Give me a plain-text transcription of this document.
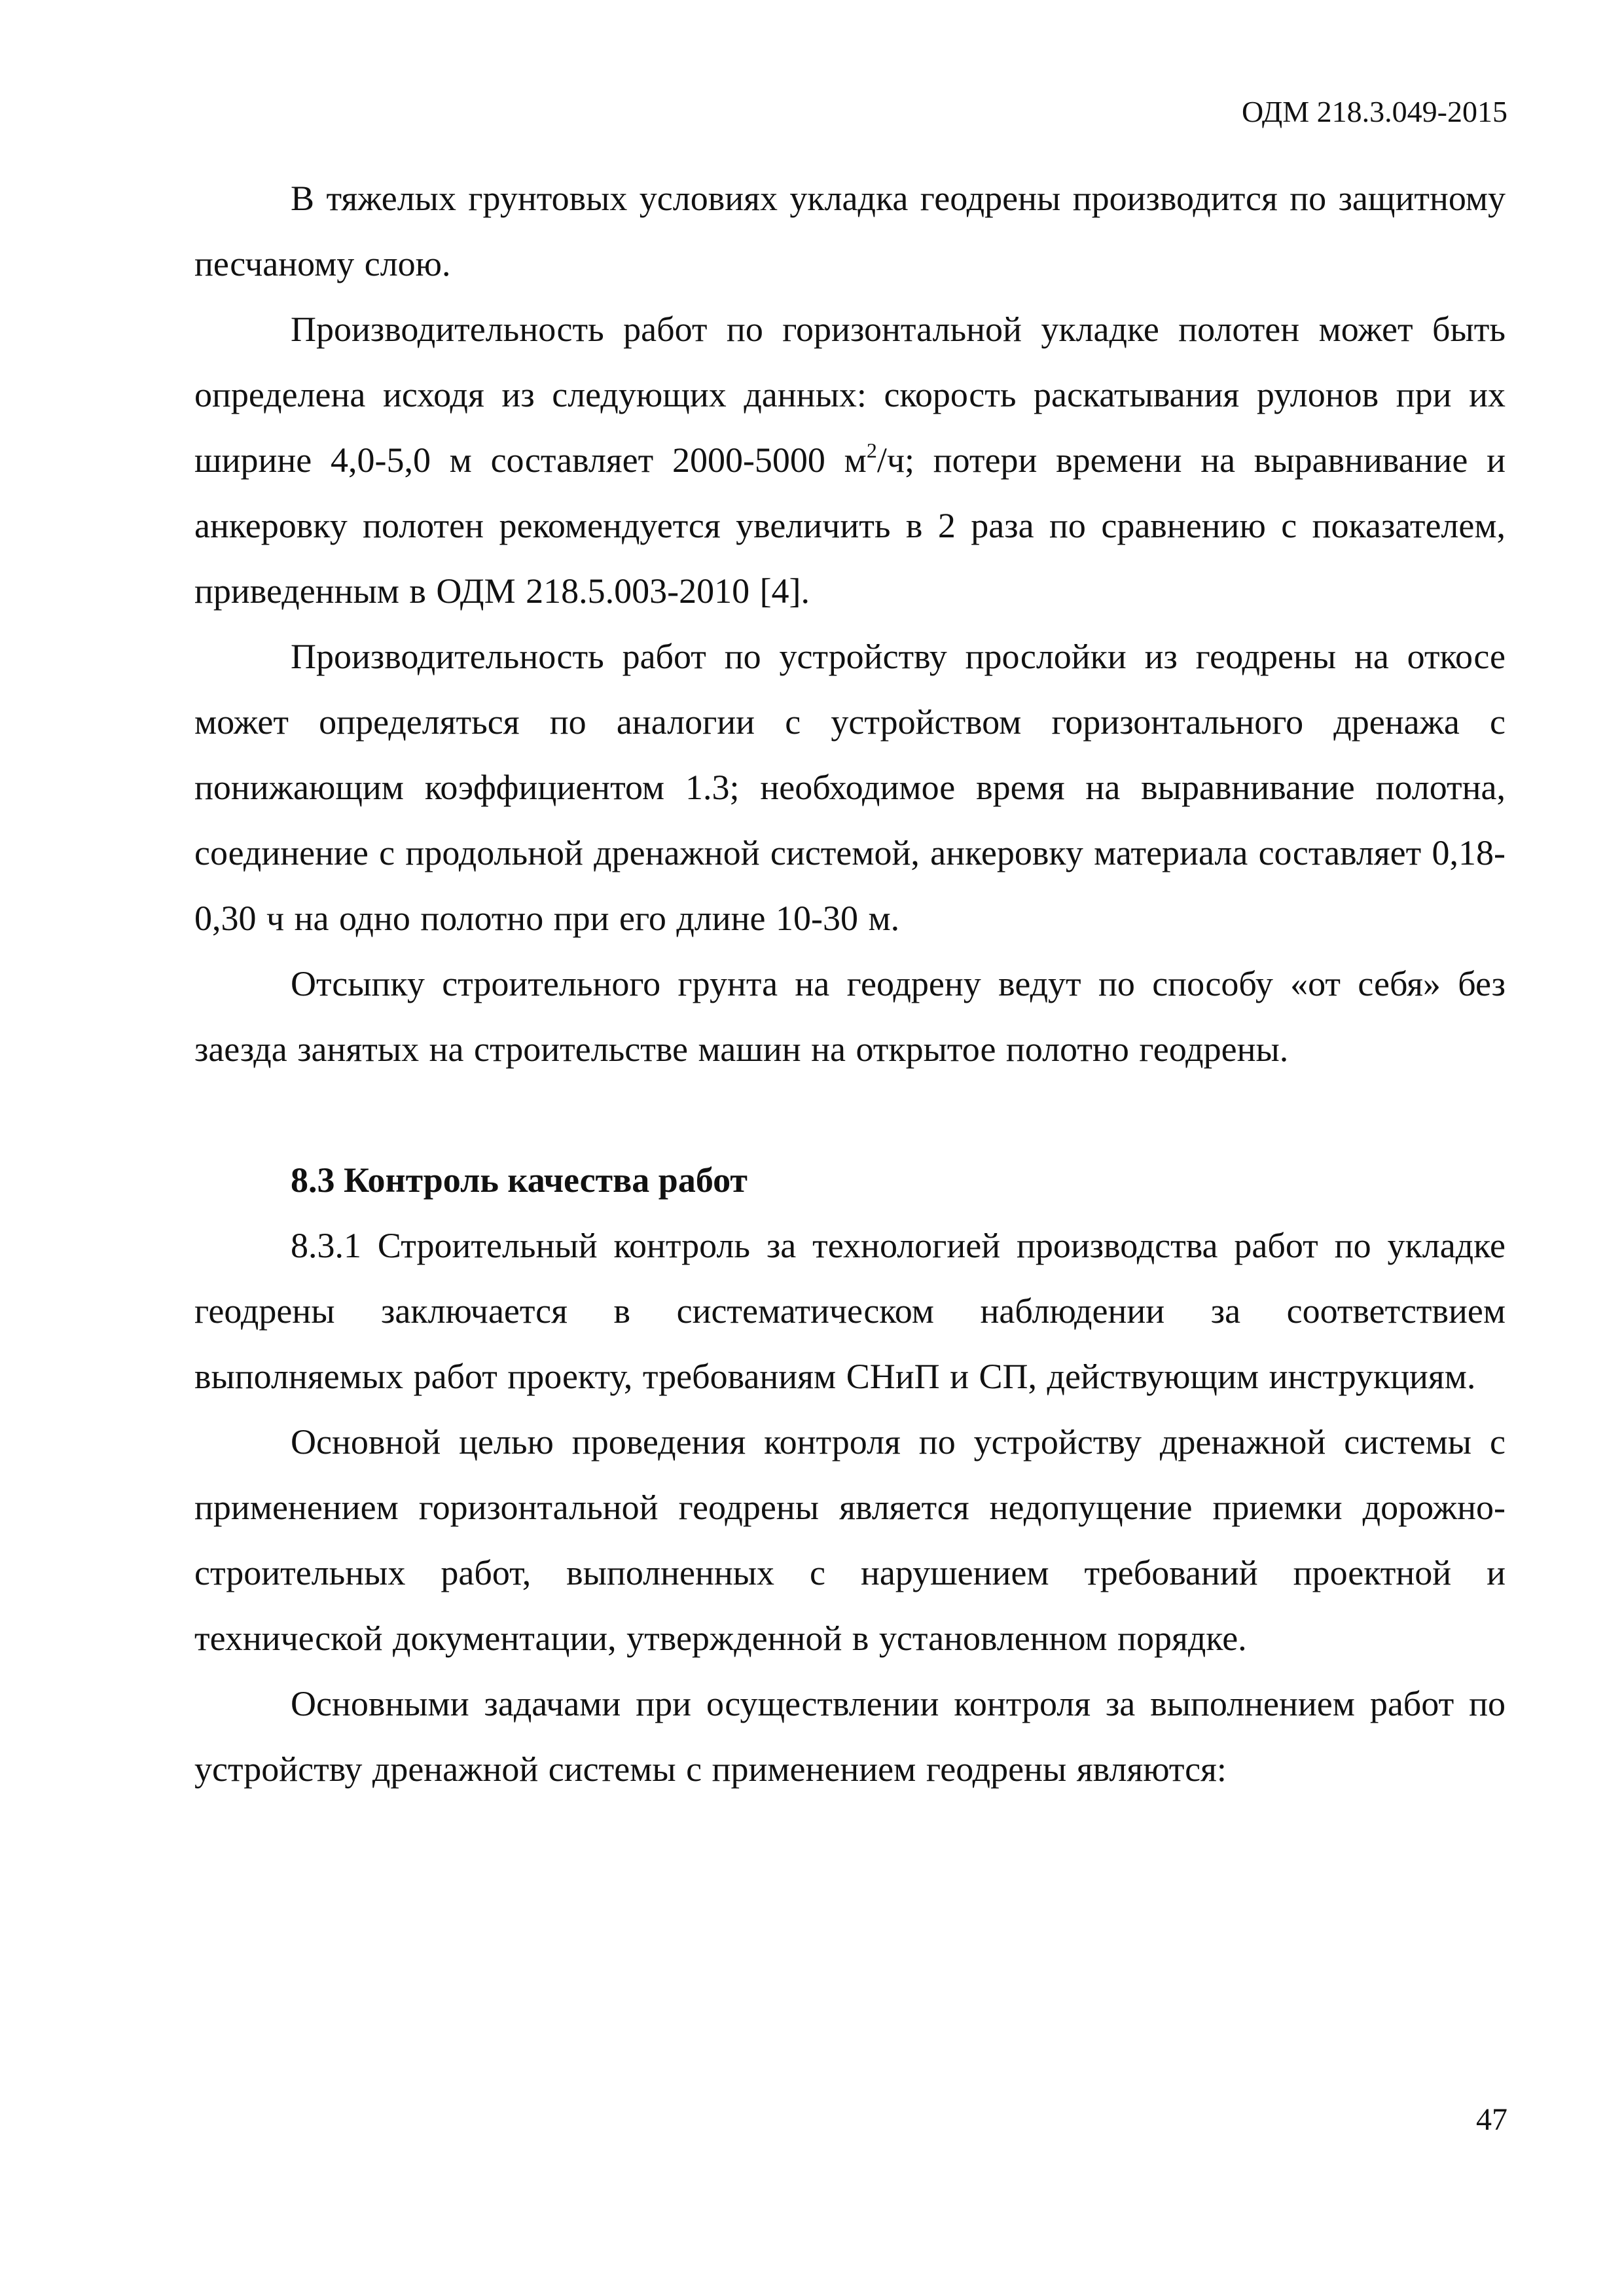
ОДМ 218.3.049-2015

В тяжелых грунтовых условиях укладка геодрены производится по защитному песчаному слою.

Производительность работ по горизонтальной укладке полотен может быть определена исходя из следующих данных: скорость раскатывания рулонов при их ширине 4,0-5,0 м составляет 2000-5000 $м^2/ч$; потери времени на выравнивание и анкеровку полотен рекомендуется увеличить в 2 раза по сравнению с показателем, приведенным в ОДМ 218.5.003-2010 [4].

Производительность работ по устройству прослойки из геодрены на откосе может определяться по аналогии с устройством горизонтального дренажа с понижающим коэффициентом 1.3; необходимое время на выравнивание полотна, соединение с продольной дренажной системой, анкеровку материала составляет 0,18-0,30 ч на одно полотно при его длине 10-30 м.

Отсыпку строительного грунта на геодрену ведут по способу «от себя» без заезда занятых на строительстве машин на открытое полотно геодрены.

8.3 Контроль качества работ

8.3.1 Строительный контроль за технологией производства работ по укладке геодрены заключается в систематическом наблюдении за соответствием выполняемых работ проекту, требованиям СНиП и СП, действующим инструкциям.

Основной целью проведения контроля по устройству дренажной системы с применением горизонтальной геодрены является недопущение приемки дорожно-строительных работ, выполненных с нарушением требований проектной и технической документации, утвержденной в установленном порядке.

Основными задачами при осуществлении контроля за выполнением работ по устройству дренажной системы с применением геодрены являются:

47
